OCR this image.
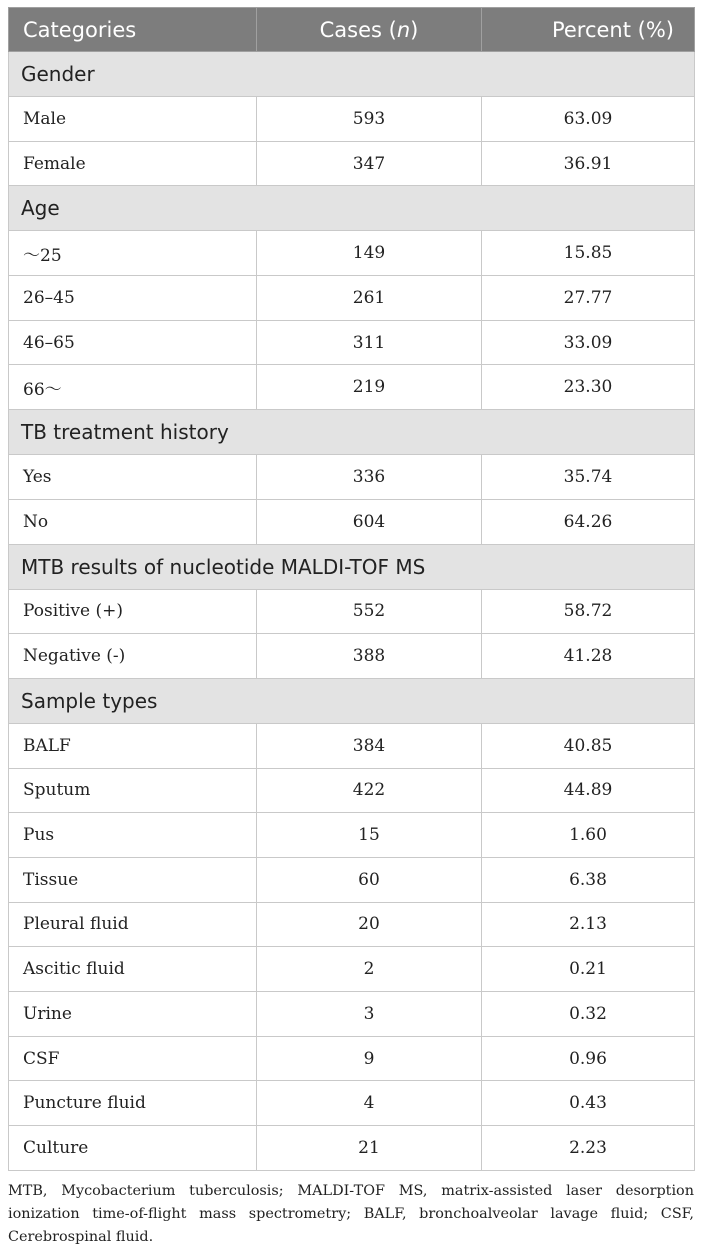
Categories	Cases (n)	Percent (%)
Gender		
Male	593	63.09
Female	347	36.91
Age		
～25	149	15.85
26–45	261	27.77
46–65	311	33.09
66～	219	23.30
TB treatment history		
Yes	336	35.74
No	604	64.26
MTB results of nucleotide MALDI-TOF MS		
Positive (+)	552	58.72
Negative (-)	388	41.28
Sample types		
BALF	384	40.85
Sputum	422	44.89
Pus	15	1.60
Tissue	60	6.38
Pleural fluid	20	2.13
Ascitic fluid	2	0.21
Urine	3	0.32
CSF	9	0.96
Puncture fluid	4	0.43
Culture	21	2.23

MTB, Mycobacterium tuberculosis; MALDI-TOF MS, matrix-assisted laser desorption ionization time-of-flight mass spectrometry; BALF, bronchoalveolar lavage fluid; CSF, Cerebrospinal fluid.
